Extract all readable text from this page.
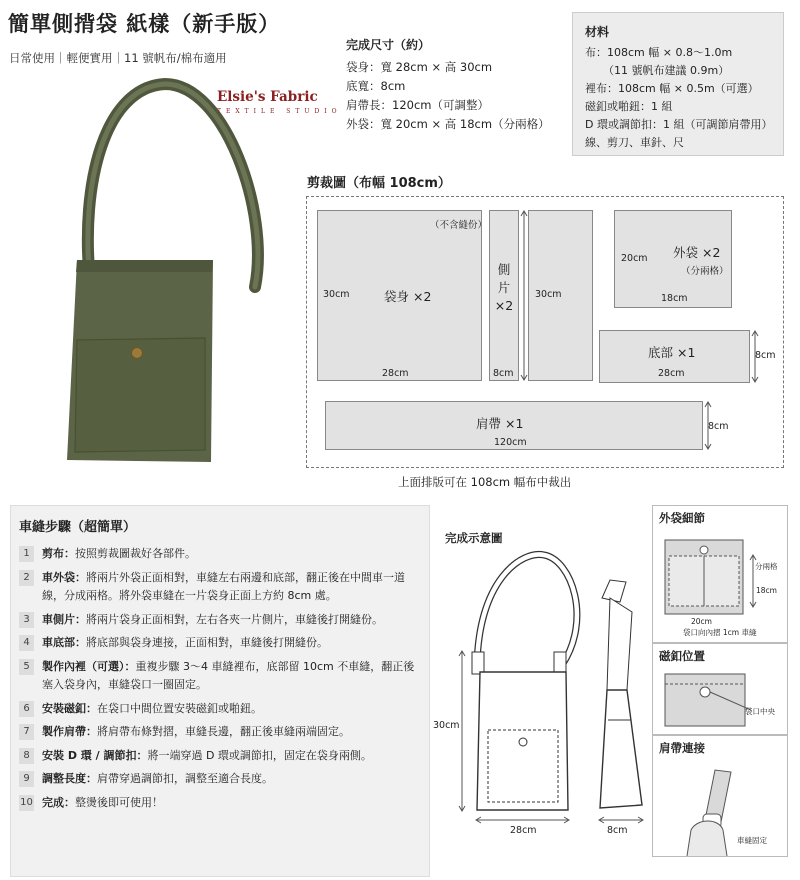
簡單側揹袋 紙樣（新手版）
日常使用｜輕便實用｜11 號帆布/棉布適用
Elsie's Fabric
TEXTILE STUDIO
完成尺寸（約）
袋身：寬 28cm × 高 30cm
底寬：8cm
肩帶長：120cm（可調整）
外袋：寬 20cm × 高 18cm（分兩格）
材料
布：108cm 幅 × 0.8～1.0m
（11 號帆布建議 0.9m）
裡布：108cm 幅 × 0.5m（可選）
磁釦或啪鈕：1 組
D 環或調節扣：1 組（可調節肩帶用）
線、剪刀、車針、尺
剪裁圖（布幅 108cm）
（不含縫份）
袋身 ×2
30cm
28cm
側片 ×2
8cm
30cm
外袋 ×2
（分兩格）
20cm
18cm
底部 ×1
28cm
8cm
肩帶 ×1
120cm
8cm
上面排版可在 108cm 幅布中裁出
車縫步驟（超簡單）
1	剪布：按照剪裁圖裁好各部件。
2	車外袋：將兩片外袋正面相對，車縫左右兩邊和底部，翻正後在中間車一道線，分成兩格。將外袋車縫在一片袋身正面上方約 8cm 處。
3	車側片：將兩片袋身正面相對，左右各夾一片側片，車縫後打開縫份。
4	車底部：將底部與袋身連接，正面相對，車縫後打開縫份。
5	製作內裡（可選）：重複步驟 3～4 車縫裡布，底部留 10cm 不車縫，翻正後塞入袋身內，車縫袋口一圈固定。
6	安裝磁釦：在袋口中間位置安裝磁釦或啪鈕。
7	製作肩帶：將肩帶布條對摺，車縫長邊，翻正後車縫兩端固定。
8	安裝 D 環 / 調節扣：將一端穿過 D 環或調節扣，固定在袋身兩側。
9	調整長度：肩帶穿過調節扣，調整至適合長度。
10 完成：整燙後即可使用！
完成示意圖
30cm
28cm	8cm
外袋細節
分兩格
18cm
20cm
袋口向內摺 1cm 車縫
磁釦位置
袋口中央
肩帶連接
車縫固定
